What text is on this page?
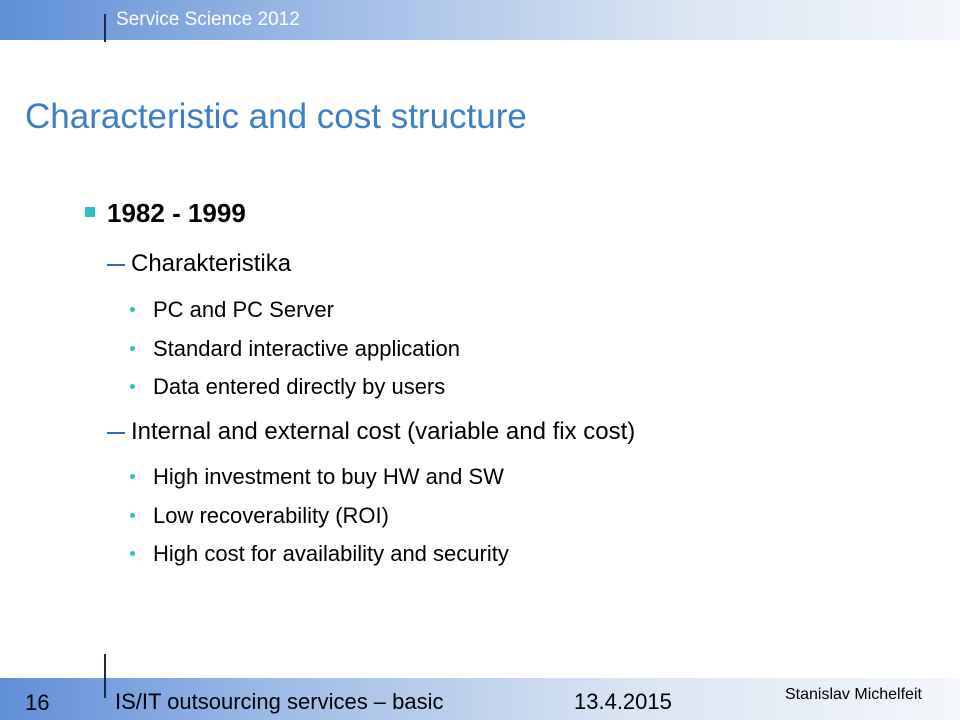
Service Science 2012
Characteristic and cost structure
1982 - 1999
Charakteristika
PC and PC Server
Standard interactive application
Data entered directly by users
Internal and external cost (variable and fix cost)
High investment to buy HW and SW
Low recoverability (ROI)
High cost for availability and security
16	IS/IT outsourcing services – basic	13.4.2015	Stanislav Michelfeit
